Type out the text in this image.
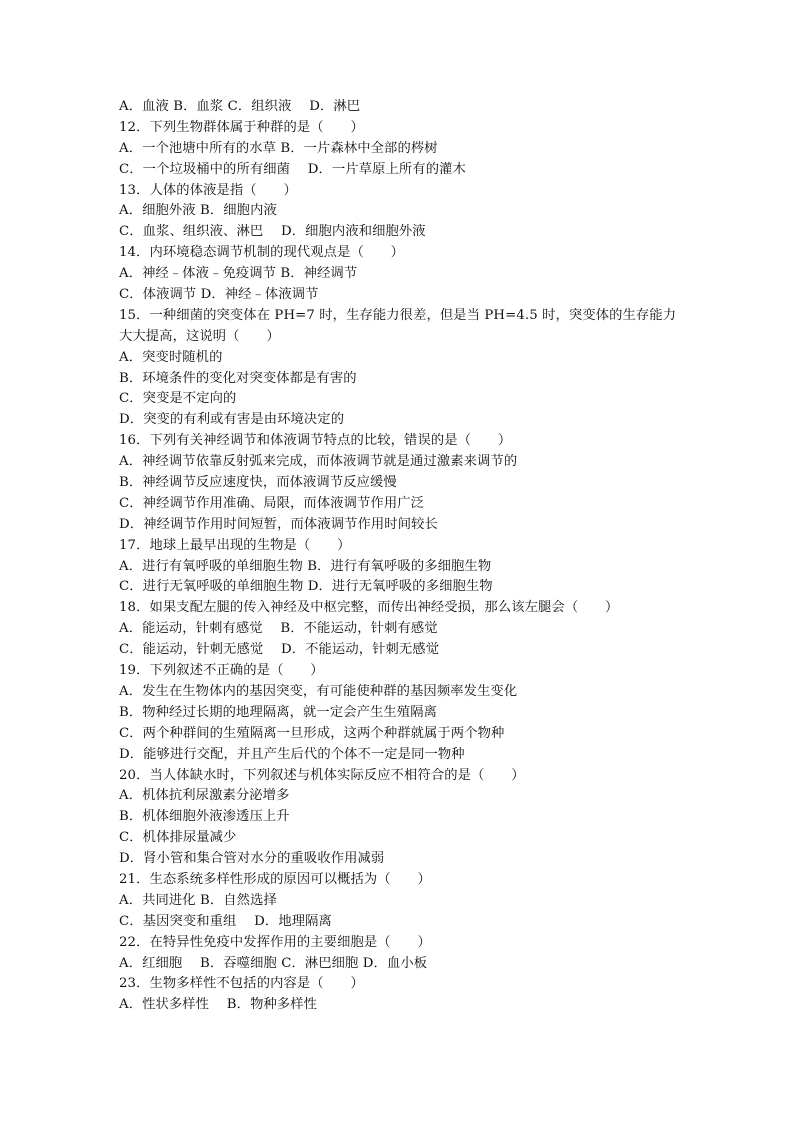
A．血液 B．血浆 C．组织液　 D．淋巴
12．下列生物群体属于种群的是（　　）
A．一个池塘中所有的水草 B．一片森林中全部的梣树
C．一个垃圾桶中的所有细菌　 D．一片草原上所有的灌木
13．人体的体液是指（　　）
A．细胞外液 B．细胞内液
C．血浆、组织液、淋巴　 D．细胞内液和细胞外液
14．内环境稳态调节机制的现代观点是（　　）
A．神经﹣体液﹣免疫调节 B．神经调节
C．体液调节 D．神经﹣体液调节
15．一种细菌的突变体在 PH=7 时，生存能力很差，但是当 PH=4.5 时，突变体的生存能力
大大提高，这说明（　　）
A．突变时随机的
B．环境条件的变化对突变体都是有害的
C．突变是不定向的
D．突变的有利或有害是由环境决定的
16．下列有关神经调节和体液调节特点的比较，错误的是（　　）
A．神经调节依靠反射弧来完成，而体液调节就是通过激素来调节的
B．神经调节反应速度快，而体液调节反应缓慢
C．神经调节作用准确、局限，而体液调节作用广泛
D．神经调节作用时间短暂，而体液调节作用时间较长
17．地球上最早出现的生物是（　　）
A．进行有氧呼吸的单细胞生物 B．进行有氧呼吸的多细胞生物
C．进行无氧呼吸的单细胞生物 D．进行无氧呼吸的多细胞生物
18．如果支配左腿的传入神经及中枢完整，而传出神经受损，那么该左腿会（　　）
A．能运动，针刺有感觉　 B．不能运动，针刺有感觉
C．能运动，针刺无感觉　 D．不能运动，针刺无感觉
19．下列叙述不正确的是（　　）
A．发生在生物体内的基因突变，有可能使种群的基因频率发生变化
B．物种经过长期的地理隔离，就一定会产生生殖隔离
C．两个种群间的生殖隔离一旦形成，这两个种群就属于两个物种
D．能够进行交配，并且产生后代的个体不一定是同一物种
20．当人体缺水时，下列叙述与机体实际反应不相符合的是（　　）
A．机体抗利尿激素分泌增多
B．机体细胞外液渗透压上升
C．机体排尿量减少
D．肾小管和集合管对水分的重吸收作用减弱
21．生态系统多样性形成的原因可以概括为（　　）
A．共同进化 B．自然选择
C．基因突变和重组　 D．地理隔离
22．在特异性免疫中发挥作用的主要细胞是（　　）
A．红细胞　 B．吞噬细胞 C．淋巴细胞 D．血小板
23．生物多样性不包括的内容是（　　）
A．性状多样性　 B．物种多样性
